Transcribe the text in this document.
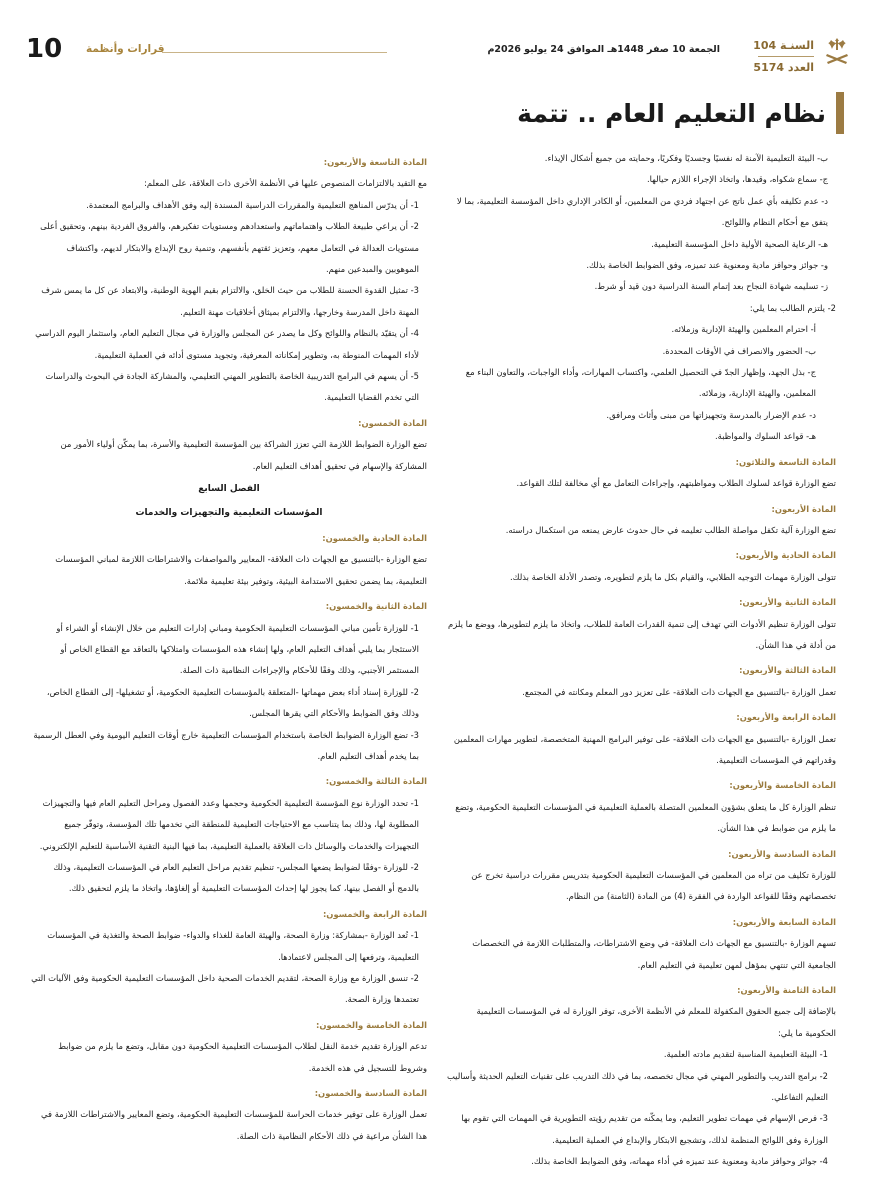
السنـة 104
العدد 5174
الجمعة 10 صفر 1448هـ الموافق 24 يوليو 2026م
قرارات وأنظمة
10
نظام التعليم العام .. تتمة

ب- البيئة التعليمية الآمنة له نفسيًا وجسديًا وفكريًا، وحمايته من جميع أشكال الإيذاء.

ج- سماع شكواه، وقيدها، واتخاذ الإجراء اللازم حيالها.

د- عدم تكليفه بأي عمل ناتج عن اجتهاد فردي من المعلمين، أو الكادر الإداري داخل المؤسسة التعليمية، بما لا يتفق مع أحكام النظام واللوائح.

هـ- الرعاية الصحية الأولية داخل المؤسسة التعليمية.

و- جوائز وحوافز مادية ومعنوية عند تميزه، وفق الضوابط الخاصة بذلك.

ز- تسليمه شهادة النجاح بعد إتمام السنة الدراسية دون قيد أو شرط.

2- يلتزم الطالب بما يلي:

أ- احترام المعلمين والهيئة الإدارية وزملائه.

ب- الحضور والانصراف في الأوقات المحددة.

ج- بذل الجهد، وإظهار الجدّ في التحصيل العلمي، واكتساب المهارات، وأداء الواجبات، والتعاون البناء مع المعلمين، والهيئة الإدارية، وزملائه.

د- عدم الإضرار بالمدرسة وتجهيزاتها من مبنى وأثاث ومرافق.

هـ- قواعد السلوك والمواظبة.

المادة التاسعة والثلاثون:

تضع الوزارة قواعد لسلوك الطلاب ومواظبتهم، وإجراءات التعامل مع أي مخالفة لتلك القواعد.

المادة الأربعون:

تضع الوزارة آلية تكفل مواصلة الطالب تعليمه في حال حدوث عارض يمنعه من استكمال دراسته.

المادة الحادية والأربعون:

تتولى الوزارة مهمات التوجيه الطلابي، والقيام بكل ما يلزم لتطويره، وتصدر الأدلة الخاصة بذلك.

المادة الثانية والأربعون:

تتولى الوزارة تنظيم الأدوات التي تهدف إلى تنمية القدرات العامة للطلاب، واتخاذ ما يلزم لتطويرها، ووضع ما يلزم من أدلة في هذا الشأن.

المادة الثالثة والأربعون:

تعمل الوزارة -بالتنسيق مع الجهات ذات العلاقة- على تعزيز دور المعلم ومكانته في المجتمع.

المادة الرابعة والأربعون:

تعمل الوزارة -بالتنسيق مع الجهات ذات العلاقة- على توفير البرامج المهنية المتخصصة، لتطوير مهارات المعلمين وقدراتهم في المؤسسات التعليمية.

المادة الخامسة والأربعون:

تنظم الوزارة كل ما يتعلق بشؤون المعلمين المتصلة بالعملية التعليمية في المؤسسات التعليمية الحكومية، وتضع ما يلزم من ضوابط في هذا الشأن.

المادة السادسة والأربعون:

للوزارة تكليف من تراه من المعلمين في المؤسسات التعليمية الحكومية بتدريس مقررات دراسية تخرج عن تخصصاتهم وفقًا للقواعد الواردة في الفقرة (4) من المادة (الثامنة) من النظام.

المادة السابعة والأربعون:

تسهم الوزارة -بالتنسيق مع الجهات ذات العلاقة- في وضع الاشتراطات، والمتطلبات اللازمة في التخصصات الجامعية التي تنتهي بمؤهل لمهن تعليمية في التعليم العام.

المادة الثامنة والأربعون:

بالإضافة إلى جميع الحقوق المكفولة للمعلم في الأنظمة الأخرى، توفر الوزارة له في المؤسسات التعليمية الحكومية ما يلي:

1- البيئة التعليمية المناسبة لتقديم مادته العلمية.

2- برامج التدريب والتطوير المهني في مجال تخصصه، بما في ذلك التدريب على تقنيات التعليم الحديثة وأساليب التعليم التفاعلي.

3- فرص الإسهام في مهمات تطوير التعليم، وما يمكّنه من تقديم رؤيته التطويرية في المهمات التي تقوم بها الوزارة وفق اللوائح المنظمة لذلك، وتشجيع الابتكار والإبداع في العملية التعليمية.

4- جوائز وحوافز مادية ومعنوية عند تميزه في أداء مهماته، وفق الضوابط الخاصة بذلك.

المادة التاسعة والأربعون:

مع التقيد بالالتزامات المنصوص عليها في الأنظمة الأخرى ذات العلاقة، على المعلم:

1- أن يدرّس المناهج التعليمية والمقررات الدراسية المسندة إليه وفق الأهداف والبرامج المعتمدة.

2- أن يراعي طبيعة الطلاب واهتماماتهم واستعدادهم ومستويات تفكيرهم، والفروق الفردية بينهم، وتحقيق أعلى مستويات العدالة في التعامل معهم، وتعزيز ثقتهم بأنفسهم، وتنمية روح الإبداع والابتكار لديهم، واكتشاف الموهوبين والمبدعين منهم.

3- تمثيل القدوة الحسنة للطلاب من حيث الخلق، والالتزام بقيم الهوية الوطنية، والابتعاد عن كل ما يمس شرف المهنة داخل المدرسة وخارجها، والالتزام بميثاق أخلاقيات مهنة التعليم.

4- أن يتقيّد بالنظام واللوائح وكل ما يصدر عن المجلس والوزارة في مجال التعليم العام، واستثمار اليوم الدراسي لأداء المهمات المنوطة به، وتطوير إمكاناته المعرفية، وتجويد مستوى أدائه في العملية التعليمية.

5- أن يسهم في البرامج التدريبية الخاصة بالتطوير المهني التعليمي، والمشاركة الجادة في البحوث والدراسات التي تخدم القضايا التعليمية.

المادة الخمسون:

تضع الوزارة الضوابط اللازمة التي تعزز الشراكة بين المؤسسة التعليمية والأسرة، بما يمكّن أولياء الأمور من المشاركة والإسهام في تحقيق أهداف التعليم العام.

الفصل السابع

المؤسسات التعليمية والتجهيزات والخدمات

المادة الحادية والخمسون:

تضع الوزارة -بالتنسيق مع الجهات ذات العلاقة- المعايير والمواصفات والاشتراطات اللازمة لمباني المؤسسات التعليمية، بما يضمن تحقيق الاستدامة البيئية، وتوفير بيئة تعليمية ملائمة.

المادة الثانية والخمسون:

1- للوزارة تأمين مباني المؤسسات التعليمية الحكومية ومباني إدارات التعليم من خلال الإنشاء أو الشراء أو الاستئجار بما يلبي أهداف التعليم العام، ولها إنشاء هذه المؤسسات وامتلاكها بالتعاقد مع القطاع الخاص أو المستثمر الأجنبي، وذلك وفقًا للأحكام والإجراءات النظامية ذات الصلة.

2- للوزارة إسناد أداء بعض مهماتها -المتعلقة بالمؤسسات التعليمية الحكومية، أو تشغيلها- إلى القطاع الخاص، وذلك وفق الضوابط والأحكام التي يقرها المجلس.

3- تضع الوزارة الضوابط الخاصة باستخدام المؤسسات التعليمية خارج أوقات التعليم اليومية وفي العطل الرسمية بما يخدم أهداف التعليم العام.

المادة الثالثة والخمسون:

1- تحدد الوزارة نوع المؤسسة التعليمية الحكومية وحجمها وعدد الفصول ومراحل التعليم العام فيها والتجهيزات المطلوبة لها، وذلك بما يتناسب مع الاحتياجات التعليمية للمنطقة التي تخدمها تلك المؤسسة، وتوفّر جميع التجهيزات والخدمات والوسائل ذات العلاقة بالعملية التعليمية، بما فيها البنية التقنية الأساسية للتعليم الإلكتروني.

2- للوزارة -وفقًا لضوابط يضعها المجلس- تنظيم تقديم مراحل التعليم العام في المؤسسات التعليمية، وذلك بالدمج أو الفصل بينها، كما يجوز لها إحداث المؤسسات التعليمية أو إلغاؤها، واتخاذ ما يلزم لتحقيق ذلك.

المادة الرابعة والخمسون:

1- تُعد الوزارة -بمشاركة: وزارة الصحة، والهيئة العامة للغذاء والدواء- ضوابط الصحة والتغذية في المؤسسات التعليمية، وترفعها إلى المجلس لاعتمادها.

2- تنسق الوزارة مع وزارة الصحة، لتقديم الخدمات الصحية داخل المؤسسات التعليمية الحكومية وفق الآليات التي تعتمدها وزارة الصحة.

المادة الخامسة والخمسون:

تدعم الوزارة تقديم خدمة النقل لطلاب المؤسسات التعليمية الحكومية دون مقابل، وتضع ما يلزم من ضوابط وشروط للتسجيل في هذه الخدمة.

المادة السادسة والخمسون:

تعمل الوزارة على توفير خدمات الحراسة للمؤسسات التعليمية الحكومية، وتضع المعايير والاشتراطات اللازمة في هذا الشأن مراعية في ذلك الأحكام النظامية ذات الصلة.
